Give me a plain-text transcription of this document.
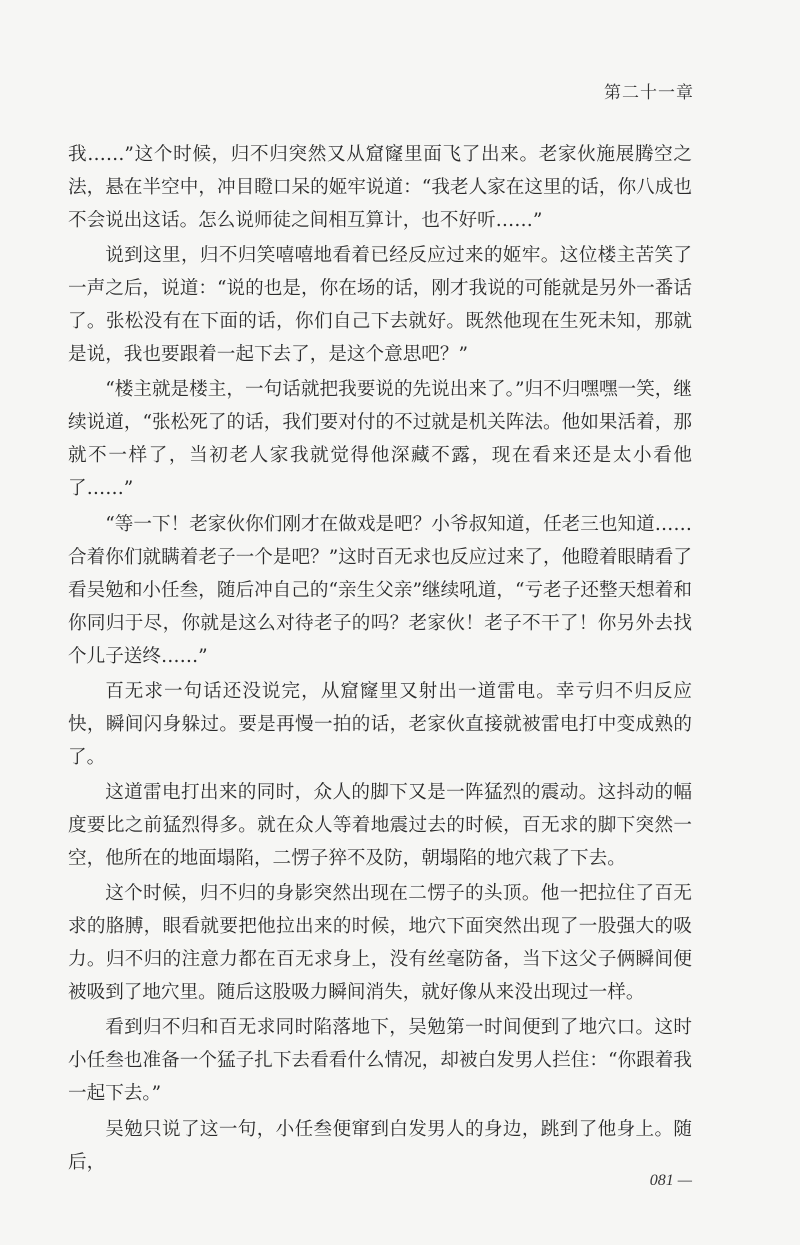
第二十一章

我……”这个时候，归不归突然又从窟窿里面飞了出来。老家伙施展腾空之法，悬在半空中，冲目瞪口呆的姬牢说道：“我老人家在这里的话，你八成也不会说出这话。怎么说师徒之间相互算计，也不好听……”

说到这里，归不归笑嘻嘻地看着已经反应过来的姬牢。这位楼主苦笑了一声之后，说道：“说的也是，你在场的话，刚才我说的可能就是另外一番话了。张松没有在下面的话，你们自己下去就好。既然他现在生死未知，那就是说，我也要跟着一起下去了，是这个意思吧？”

“楼主就是楼主，一句话就把我要说的先说出来了。”归不归嘿嘿一笑，继续说道，“张松死了的话，我们要对付的不过就是机关阵法。他如果活着，那就不一样了，当初老人家我就觉得他深藏不露，现在看来还是太小看他了……”

“等一下！老家伙你们刚才在做戏是吧？小爷叔知道，任老三也知道……合着你们就瞒着老子一个是吧？”这时百无求也反应过来了，他瞪着眼睛看了看吴勉和小任叁，随后冲自己的“亲生父亲”继续吼道，“亏老子还整天想着和你同归于尽，你就是这么对待老子的吗？老家伙！老子不干了！你另外去找个儿子送终……”

百无求一句话还没说完，从窟窿里又射出一道雷电。幸亏归不归反应快，瞬间闪身躲过。要是再慢一拍的话，老家伙直接就被雷电打中变成熟的了。

这道雷电打出来的同时，众人的脚下又是一阵猛烈的震动。这抖动的幅度要比之前猛烈得多。就在众人等着地震过去的时候，百无求的脚下突然一空，他所在的地面塌陷，二愣子猝不及防，朝塌陷的地穴栽了下去。

这个时候，归不归的身影突然出现在二愣子的头顶。他一把拉住了百无求的胳膊，眼看就要把他拉出来的时候，地穴下面突然出现了一股强大的吸力。归不归的注意力都在百无求身上，没有丝毫防备，当下这父子俩瞬间便被吸到了地穴里。随后这股吸力瞬间消失，就好像从来没出现过一样。

看到归不归和百无求同时陷落地下，吴勉第一时间便到了地穴口。这时小任叁也准备一个猛子扎下去看看什么情况，却被白发男人拦住：“你跟着我一起下去。”

吴勉只说了这一句，小任叁便窜到白发男人的身边，跳到了他身上。随后，

081 —
